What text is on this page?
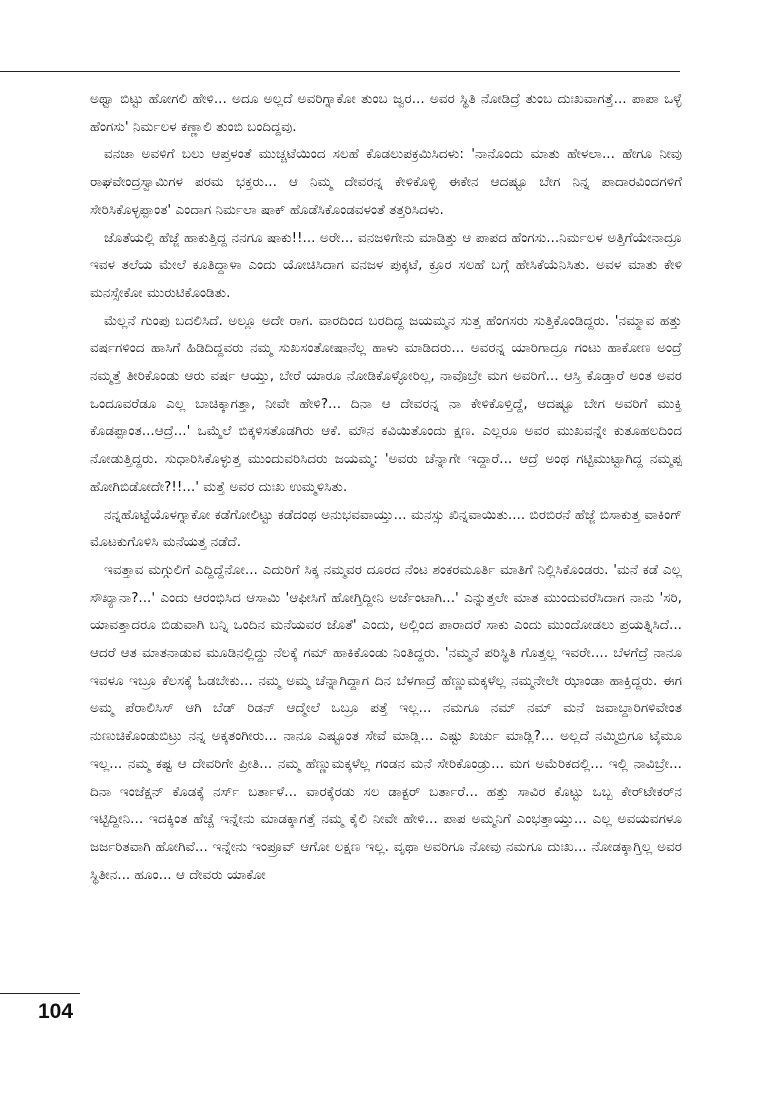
ಅಥ್ವಾ ಬಿಟ್ಟು ಹೋಗಲಿ ಹೇಳಿ... ಅದೂ ಅಲ್ಲದೆ ಅವರಿಗ್ನಾಕೋ ತುಂಬ ಜ್ವರ... ಅವರ ಸ್ಥಿತಿ ನೋಡಿದ್ರೆ ತುಂಬ ದುಃಖವಾಗತ್ತೆ... ಪಾಪಾ ಒಳ್ಳೆ ಹೆಂಗಸು' ನಿರ್ಮಲಳ ಕಣ್ಣಾಲಿ ತುಂಬಿ ಬಂದಿದ್ದವು.

ವನಜಾ ಅವಳಿಗೆ ಬಲು ಆಪ್ತಳಂತೆ ಮುಚ್ಚಟೆಯಿಂದ ಸಲಹೆ ಕೊಡಲುಪಕ್ರಮಿಸಿದಳು: 'ನಾನೊಂದು ಮಾತು ಹೇಳಲಾ... ಹೇಗೂ ನೀವು ರಾಘವೇಂದ್ರಸ್ವಾಮಿಗಳ ಪರಮ ಭಕ್ತರು... ಆ ನಿಮ್ಮ ದೇವರನ್ನ ಕೇಳಿಕೊಳ್ಳಿ ಈಕೇನ ಆದಷ್ಟೂ ಬೇಗ ನಿನ್ನ ಪಾದಾರವಿಂದಗಳಿಗೆ ಸೇರಿಸಿಕೊಳ್ಳಪ್ಪಾಂತ' ಎಂದಾಗ ನಿರ್ಮಲಾ ಷಾಕ್ ಹೊಡೆಸಿಕೊಂಡವಳಂತೆ ತತ್ತರಿಸಿದಳು.

ಜೊತೆಯಲ್ಲಿ ಹೆಜ್ಜೆ ಹಾಕುತ್ತಿದ್ದ ನನಗೂ ಷಾಕು!!... ಅರೇ... ವನಜಳಿಗೇನು ಮಾಡಿತ್ತು ಆ ಪಾಪದ ಹೆಂಗಸು...ನಿರ್ಮಲಳ ಅತ್ತಿಗೆಯೇನಾದ್ರೂ ಇವಳ ತಲೆಯ ಮೇಲೆ ಕೂತಿದ್ದಾಳಾ ಎಂದು ಯೋಚಿಸಿದಾಗ ವನಜಳ ಪುಕ್ಕಟೆ, ಕ್ರೂರ ಸಲಹೆ ಬಗ್ಗೆ ಹೇಸಿಕೆಯೆನಿಸಿತು. ಅವಳ ಮಾತು ಕೇಳಿ ಮನಸ್ಸೇಕೋ ಮುರುಟಿಕೊಂಡಿತು.

ಮೆಲ್ಲನೆ ಗುಂಪು ಬದಲಿಸಿದೆ. ಅಲ್ಲೂ ಅದೇ ರಾಗ. ವಾರದಿಂದ ಬರದಿದ್ದ ಜಯಮ್ಮನ ಸುತ್ತ ಹೆಂಗಸರು ಸುತ್ತಿಕೊಂಡಿದ್ದರು. 'ನಮ್ಮಾವ ಹತ್ತು ವರ್ಷಗಳಿಂದ ಹಾಸಿಗೆ ಹಿಡಿದಿದ್ದವರು ನಮ್ಮ ಸುಖಸಂತೋಷಾನೆಲ್ಲ ಹಾಳು ಮಾಡಿದರು... ಅವರನ್ನ ಯಾರಿಗಾದ್ರೂ ಗಂಟು ಹಾಕೋಣ ಅಂದ್ರೆ ನಮ್ಮತ್ತೆ ತೀರಿಕೊಂಡು ಆರು ವರ್ಷ ಆಯ್ತು, ಬೇರೆ ಯಾರೂ ನೋಡಿಕೊಳ್ಳೋರಿಲ್ಲ, ನಾವೊಬ್ರೇ ಮಗ ಅವರಿಗೆ... ಆಸ್ತಿ ಕೊಡ್ತಾರೆ ಅಂತ ಅವರ ಒಂದೂವರೆಡೂ ಎಲ್ಲ ಬಾಚಿಕ್ಕಾಗತ್ತಾ, ನೀವೇ ಹೇಳಿ?... ದಿನಾ ಆ ದೇವರನ್ನ ನಾ ಕೇಳಿಕೊಳ್ತಿದ್ದೆ, ಆದಷ್ಟೂ ಬೇಗ ಅವರಿಗೆ ಮುಕ್ತಿ ಕೊಡಪ್ಪಾಂತ...ಆದ್ರೆ...' ಒಮ್ಮೆಲೆ ಬಿಕ್ಕಳಿಸತೊಡಗಿರು ಆಕೆ. ಮೌನ ಕವಿಯಿತೊಂದು ಕ್ಷಣ. ಎಲ್ಲರೂ ಅವರ ಮುಖವನ್ನೇ ಕುತೂಹಲದಿಂದ ನೋಡುತ್ತಿದ್ದರು. ಸುಧಾರಿಸಿಕೊಳ್ಳುತ್ತ ಮುಂದುವರಿಸಿದರು ಜಯಮ್ಮ: 'ಅವರು ಚೆನ್ನಾಗೇ ಇದ್ದಾರೆ... ಆದ್ರೆ ಅಂಥ ಗಟ್ಟಿಮುಟ್ಟಾಗಿದ್ದ ನಮ್ಮಪ್ಪ ಹೋಗಿಬಿಡೋದೇ?!!...' ಮತ್ತೆ ಅವರ ದುಃಖ ಉಮ್ಮಳಿಸಿತು.

ನನ್ನಹೊಟ್ಟೆಯೊಳಗ್ನಾಕೋ ಕಡೆಗೋಲಿಟ್ಟು ಕಡೆದಂಥ ಅನುಭವವಾಯ್ತು... ಮನಸ್ಸು ಖಿನ್ನವಾಯಿತು.... ಬಿರಬಿರನೆ ಹೆಜ್ಜೆ ಬಿಸಾಕುತ್ತ ವಾಕಿಂಗ್ ಮೊಟಕುಗೊಳಿಸಿ ಮನೆಯತ್ತ ನಡೆದೆ.

ಇವತ್ತಾವ ಮಗ್ಗುಲಿಗೆ ಎದ್ದಿದ್ದೆನೋ... ಎದುರಿಗೆ ಸಿಕ್ಕ ನಮ್ಮವರ ದೂರದ ನೆಂಟ ಶಂಕರಮೂರ್ತಿ ಮಾತಿಗೆ ನಿಲ್ಲಿಸಿಕೊಂಡರು. 'ಮನೆ ಕಡೆ ಎಲ್ಲ ಸೌಖ್ಯಾನಾ?...' ಎಂದು ಆರಂಭಿಸಿದ ಆಸಾಮಿ 'ಆಫೀಸಿಗೆ ಹೋಗ್ತಿದ್ದೀನಿ ಅರ್ಜೆಂಟಾಗಿ...' ಎನ್ನುತ್ತಲೇ ಮಾತ ಮುಂದುವರೆಸಿದಾಗ ನಾನು 'ಸರಿ, ಯಾವತ್ತಾದರೂ ಬಿಡುವಾಗಿ ಬನ್ನಿ ಒಂದಿನ ಮನೆಯವರ ಜೊತೆ' ಎಂದು, ಅಲ್ಲಿಂದ ಪಾರಾದರೆ ಸಾಕು ಎಂದು ಮುಂದೋಡಲು ಪ್ರಯತ್ನಿಸಿದೆ... ಆದರೆ ಆತ ಮಾತನಾಡುವ ಮೂಡಿನಲ್ಲಿದ್ದು ನೆಲಕ್ಕೆ ಗಮ್ ಹಾಕಿಕೊಂಡು ನಿಂತಿದ್ದರು. 'ನಮ್ಮನೆ ಪರಿಸ್ಥಿತಿ ಗೊತ್ತಲ್ಲ ಇವರೇ.... ಬೆಳಗೆದ್ರೆ ನಾನೂ ಇವಳೂ ಇಬ್ರೂ ಕೆಲಸಕ್ಕೆ ಓಡಬೇಕು... ನಮ್ಮ ಅಮ್ಮ ಚೆನ್ನಾಗಿದ್ದಾಗ ದಿನ ಬೆಳಗಾದ್ರೆ ಹೆಣ್ಣುಮಕ್ಕಳೆಲ್ಲ ನಮ್ಮನೇಲೇ ಝಾಂಡಾ ಹಾಕ್ತಿದ್ದರು. ಈಗ ಅಮ್ಮ ಪೆರಾಲಿಸಿಸ್ ಆಗಿ ಬೆಡ್ ರಿಡನ್ ಆದ್ಮೇಲೆ ಒಬ್ರೂ ಪತ್ತೆ ಇಲ್ಲ... ನಮಗೂ ನಮ್ ನಮ್ ಮನೆ ಜವಾಬ್ದಾರಿಗಳಿವೇಂತ ನುಣುಚಿಕೊಂಡುಬಿಟ್ರು ನನ್ನ ಅಕ್ಕತಂಗೀರು... ನಾನೂ ಎಷ್ಟೂಂತ ಸೇವೆ ಮಾಡ್ಲಿ... ಎಷ್ಟು ಖರ್ಚು ಮಾಡ್ಲಿ?... ಅಲ್ಲದೆ ನಮ್ಮಿಬ್ರಿಗೂ ಟೈಮೂ ಇಲ್ಲ... ನಮ್ಮ ಕಷ್ಟ ಆ ದೇವರಿಗೇ ಪ್ರೀತಿ... ನಮ್ಮ ಹೆಣ್ಣುಮಕ್ಕಳೆಲ್ಲ ಗಂಡನ ಮನೆ ಸೇರಿಕೊಂಡ್ರು... ಮಗ ಅಮೆರಿಕದಲ್ಲಿ... ಇಲ್ಲಿ ನಾವಿಬ್ರೇ... ದಿನಾ ಇಂಜೆಕ್ಷನ್ ಕೊಡಕ್ಕೆ ನರ್ಸ್ ಬರ್ತಾಳೆ... ವಾರಕ್ಕೆರಡು ಸಲ ಡಾಕ್ಟರ್ ಬರ್ತಾರೆ... ಹತ್ತು ಸಾವಿರ ಕೊಟ್ಟು ಒಬ್ಬ ಕೇರ್‌ಟೇಕರ್‌ನ ಇಟ್ಟಿದ್ದೀನಿ... ಇದಕ್ಕಿಂತ ಹೆಚ್ಚೆ ಇನ್ನೇನು ಮಾಡಕ್ಕಾಗತ್ತೆ ನಮ್ಮ ಕೈಲಿ ನೀವೇ ಹೇಳಿ... ಪಾಪ ಅಮ್ಮನಿಗೆ ಎಂಭತ್ತಾಯ್ತು... ಎಲ್ಲ ಅವಯವಗಳೂ ಜರ್ಜರಿತವಾಗಿ ಹೋಗಿವೆ... ಇನ್ನೇನು ಇಂಪ್ರೂವ್ ಆಗೋ ಲಕ್ಷಣ ಇಲ್ಲ. ವೃಥಾ ಅವರಿಗೂ ನೋವು ನಮಗೂ ದುಃಖ... ನೋಡಕ್ಕಾಗ್ತಿಲ್ಲ ಅವರ ಸ್ಥಿತೀನ... ಹೂಂ... ಆ ದೇವರು ಯಾಕೋ

104
